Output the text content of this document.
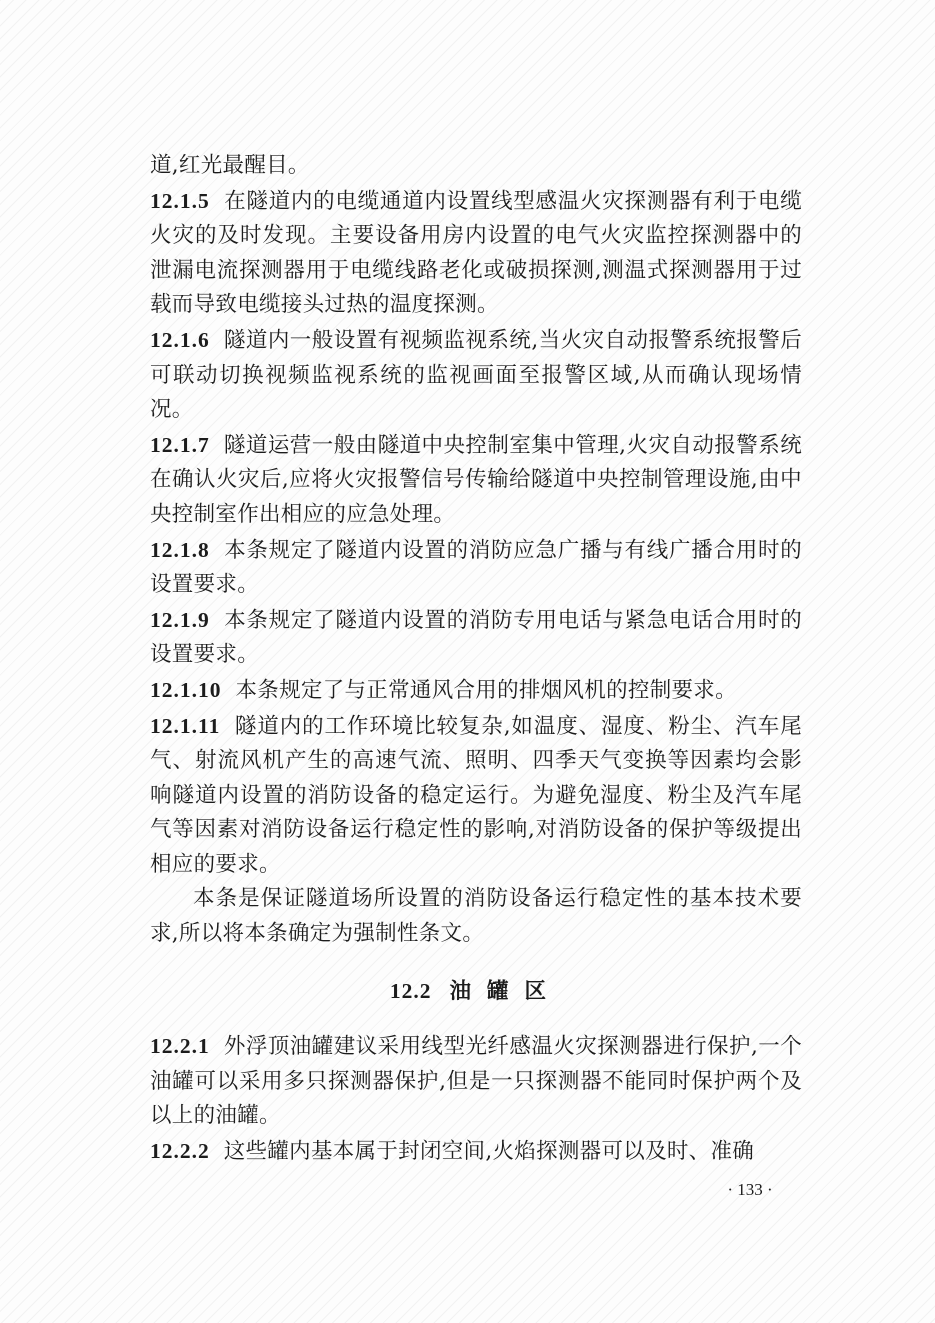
道,红光最醒目。

12.1.5 在隧道内的电缆通道内设置线型感温火灾探测器有利于电缆火灾的及时发现。主要设备用房内设置的电气火灾监控探测器中的泄漏电流探测器用于电缆线路老化或破损探测,测温式探测器用于过载而导致电缆接头过热的温度探测。

12.1.6 隧道内一般设置有视频监视系统,当火灾自动报警系统报警后可联动切换视频监视系统的监视画面至报警区域,从而确认现场情况。

12.1.7 隧道运营一般由隧道中央控制室集中管理,火灾自动报警系统在确认火灾后,应将火灾报警信号传输给隧道中央控制管理设施,由中央控制室作出相应的应急处理。

12.1.8 本条规定了隧道内设置的消防应急广播与有线广播合用时的设置要求。

12.1.9 本条规定了隧道内设置的消防专用电话与紧急电话合用时的设置要求。

12.1.10 本条规定了与正常通风合用的排烟风机的控制要求。

12.1.11 隧道内的工作环境比较复杂,如温度、湿度、粉尘、汽车尾气、射流风机产生的高速气流、照明、四季天气变换等因素均会影响隧道内设置的消防设备的稳定运行。为避免湿度、粉尘及汽车尾气等因素对消防设备运行稳定性的影响,对消防设备的保护等级提出相应的要求。

本条是保证隧道场所设置的消防设备运行稳定性的基本技术要求,所以将本条确定为强制性条文。

12.2 油罐区

12.2.1 外浮顶油罐建议采用线型光纤感温火灾探测器进行保护,一个油罐可以采用多只探测器保护,但是一只探测器不能同时保护两个及以上的油罐。

12.2.2 这些罐内基本属于封闭空间,火焰探测器可以及时、准确

· 133 ·
